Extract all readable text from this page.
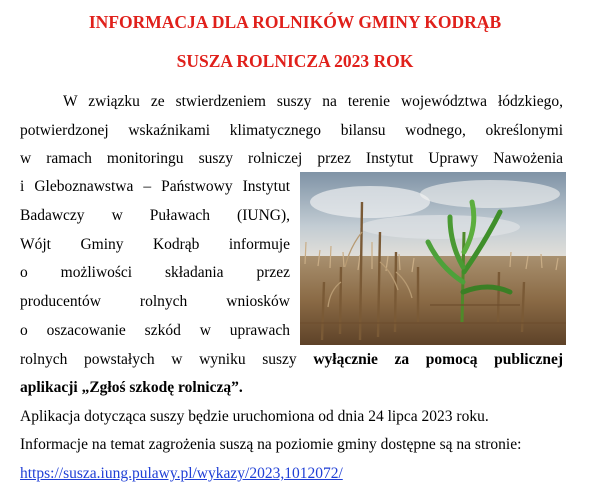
INFORMACJA DLA ROLNIKÓW GMINY KODRĄB
SUSZA ROLNICZA 2023 ROK
W związku ze stwierdzeniem suszy na terenie województwa łódzkiego,
potwierdzonej wskaźnikami klimatycznego bilansu wodnego, określonymi
w ramach monitoringu suszy rolniczej przez Instytut Uprawy Nawożenia
i Gleboznawstwa – Państwowy Instytut
Badawczy w Puławach (IUNG),
Wójt Gminy Kodrąb informuje
o możliwości składania przez
producentów rolnych wniosków
o oszacowanie szkód w uprawach
rolnych powstałych w wyniku suszy wyłącznie za pomocą publicznej
aplikacji „Zgłoś szkodę rolniczą”.
Aplikacja dotycząca suszy będzie uruchomiona od dnia 24 lipca 2023 roku.
Informacje na temat zagrożenia suszą na poziomie gminy dostępne są na stronie:
https://susza.iung.pulawy.pl/wykazy/2023,1012072/
